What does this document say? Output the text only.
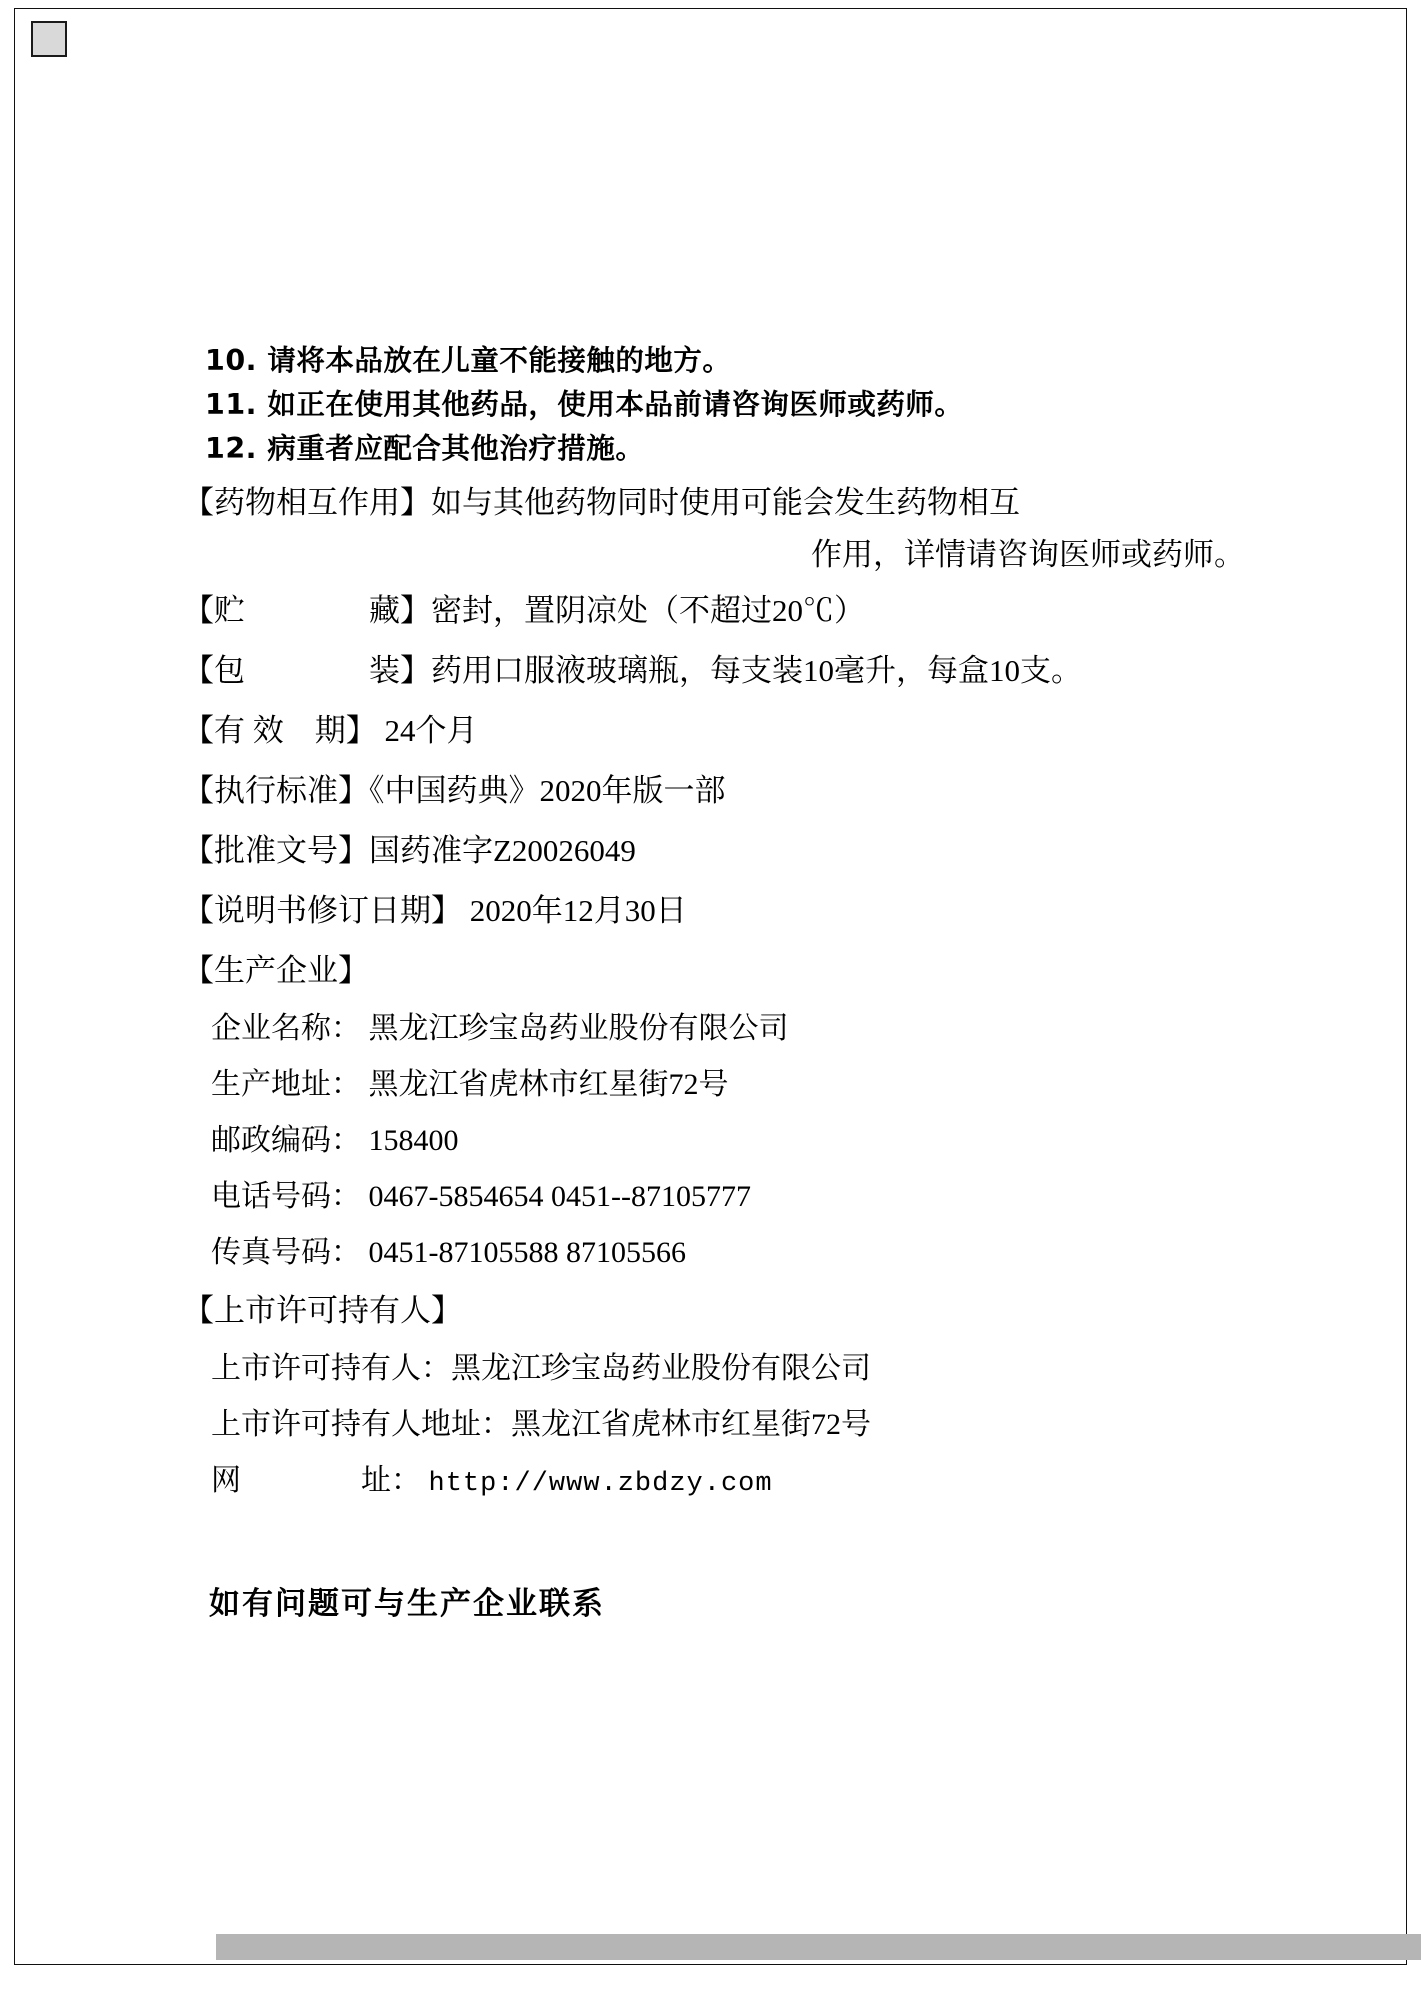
10. 请将本品放在儿童不能接触的地方。
11. 如正在使用其他药品，使用本品前请咨询医师或药师。
12. 病重者应配合其他治疗措施。
【药物相互作用】如与其他药物同时使用可能会发生药物相互
作用，详情请咨询医师或药师。
【贮　　　　藏】密封，置阴凉处（不超过20℃）
【包　　　　装】药用口服液玻璃瓶，每支装10毫升，每盒10支。
【有 效　期】 24个月
【执行标准】《中国药典》2020年版一部
【批准文号】国药准字Z20026049
【说明书修订日期】 2020年12月30日
【生产企业】
企业名称： 黑龙江珍宝岛药业股份有限公司
生产地址： 黑龙江省虎林市红星街72号
邮政编码： 158400
电话号码： 0467-5854654 0451--87105777
传真号码： 0451-87105588 87105566
【上市许可持有人】
上市许可持有人：黑龙江珍宝岛药业股份有限公司
上市许可持有人地址：黑龙江省虎林市红星街72号
网　　　　址： http://www.zbdzy.com
如有问题可与生产企业联系
